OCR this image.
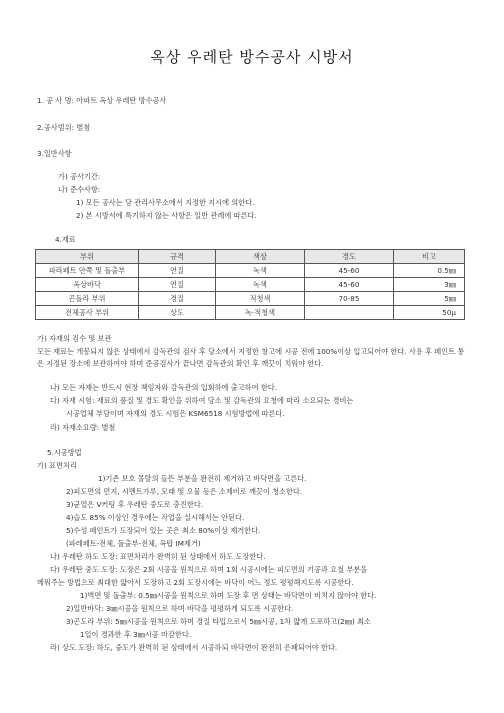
옥상 우레탄 방수공사 시방서
1. 공 사 명: 아파트 옥상 우레탄 방수공사
2.공사범위: 별첨
3.일반사항
가) 공사기간:
나) 준수사항:
1) 모든 공사는 당 관리사무소에서 지정한 지시에 의한다.
2) 본 시방서에 특기하지 않는 사항은 일반 관례에 따른다.
4.재료
부위	규격	색상	경도	비고
파라페트 안쪽 및 돌출부	연질	녹색	45-60	0.5㎜
옥상바닥	연질	녹색	45-60	3㎜
곤돌라 부위	경질	적청색	70-85	5㎜
전체공사 부위	상도	녹·적청색		50μ
가) 자재의 검수 및 보관
모든 재료는 개봉되지 않은 상태에서 감독관의 검사 후 당소에서 지정한 창고에 시공 전에 100%이상 입고되어야 한다. 사용 후 페인트 통은 지정된 장소에 보관하여야 하며 준공검사가 끝나면 감독관의 확인 후 깨끗이 치워야 한다.
나) 모든 자재는 반드시 현장 책임자와 감독관의 입회하에 출고하여 한다.
다) 자재 시험: 재료의 품질 및 경도 확인을 위하여 당소 및 감독관의 요청에 따라 소요되는 경비는
시공업체 부담이며 자재의 경도 시험은 KSM6518 시험방법에 따른다.
라) 자재소요량: 별첨
5.시공방법
가) 표면처리
1)기존 보호 몰탈의 들뜬 부분을 완전히 제거하고 바닥면을 고른다.
2)피도면의 먼지, 시멘트가루, 모래 및 오물 등은 소제비로 깨끗이 청소한다.
3)균열은 V커팅 후 우레탄 중도로 충진한다.
4)습도 85% 이상인 경우에는 작업을 실시해서는 안된다.
5)수성 페인트가 도장되어 있는 곳은 최소 80%이상 제거한다.
(파레페트-전체, 돌출부-전체, 옥탑 IM제거)
나) 우레탄 하도 도장: 표면처리가 완벽히 된 상태에서 하도 도장한다.
다) 우레탄 중도 도장: 도장은 2회 시공을 원칙으로 하며 1회 시공시에는 피도면의 기공과 요철 부분을
메워주는 방법으로 최대한 얇아서 도장하고 2회 도장시에는 바닥이 어느 정도 평평해지도록 시공한다.
1)벽면 및 돌출부: 0.5㎜시공을 원칙으로 하며 도장 후 면 상태는 바닥면이 비치지 않아야 한다.
2)일반바닥: 3㎜시공을 원칙으로 하며 바닥을 평평하게 되도록 시공한다.
3)곤도라 부위: 5㎜시공을 원칙으로 하며 경질 타입으로서 5㎜시공, 1차 얇게 도포하고(2㎜) 최소
1일이 경과한 후 3㎜시공 마감한다.
라) 상도 도장: 하도, 중도가 완벽히 된 상태에서 시공하되 바닥면이 완전히 은폐되어야 한다.
